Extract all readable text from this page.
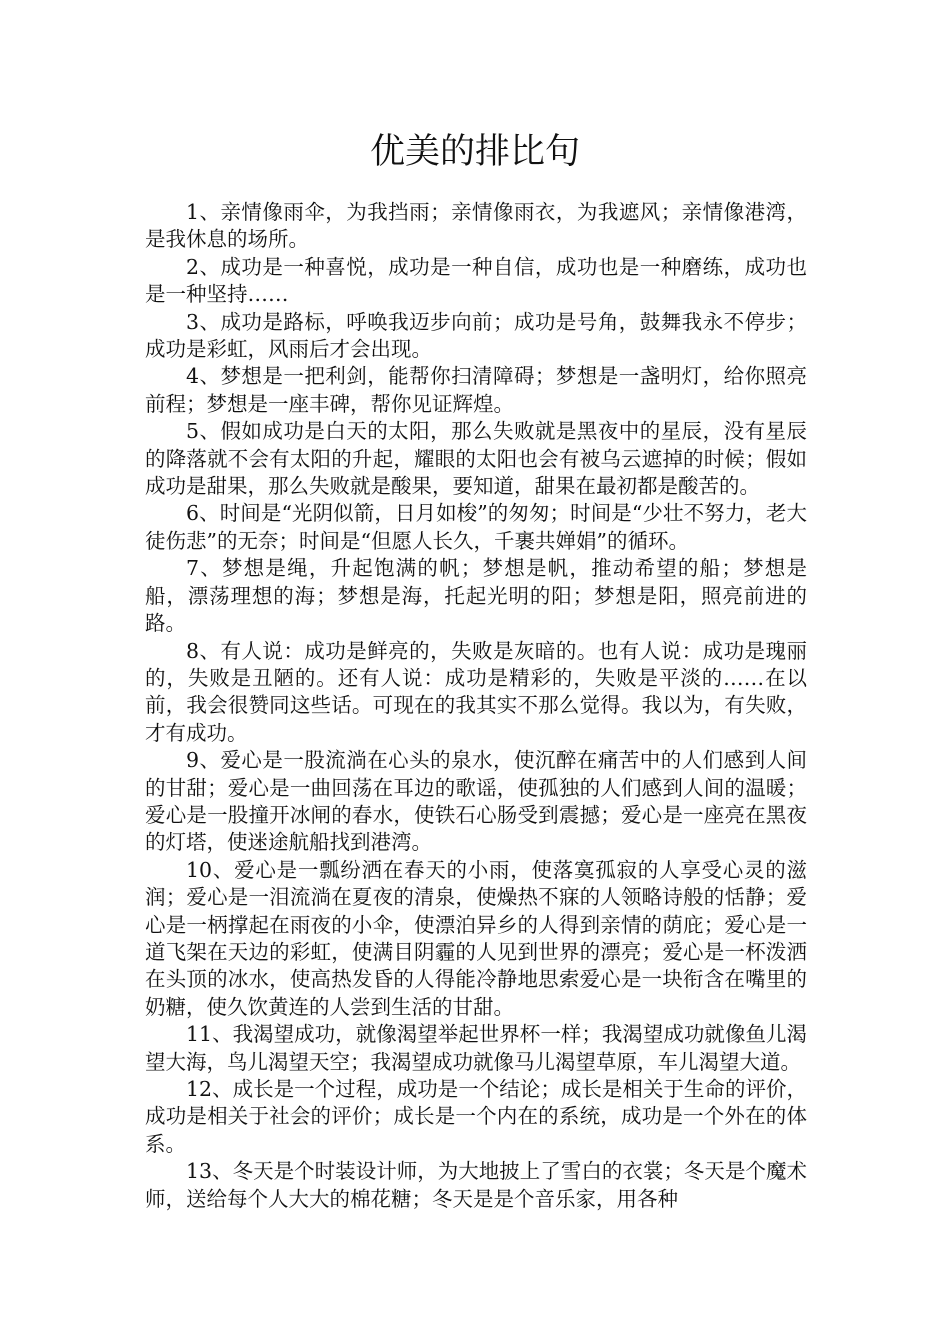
优美的排比句

1、亲情像雨伞，为我挡雨；亲情像雨衣，为我遮风；亲情像港湾，是我休息的场所。

2、成功是一种喜悦，成功是一种自信，成功也是一种磨练，成功也是一种坚持……

3、成功是路标，呼唤我迈步向前；成功是号角，鼓舞我永不停步；成功是彩虹，风雨后才会出现。

4、梦想是一把利剑，能帮你扫清障碍；梦想是一盏明灯，给你照亮前程；梦想是一座丰碑，帮你见证辉煌。

5、假如成功是白天的太阳，那么失败就是黑夜中的星辰，没有星辰的降落就不会有太阳的升起，耀眼的太阳也会有被乌云遮掉的时候；假如成功是甜果，那么失败就是酸果，要知道，甜果在最初都是酸苦的。

6、时间是“光阴似箭，日月如梭”的匆匆；时间是“少壮不努力，老大徒伤悲”的无奈；时间是“但愿人长久，千裹共婵娟”的循环。

7、梦想是绳，升起饱满的帆；梦想是帆，推动希望的船；梦想是船，漂荡理想的海；梦想是海，托起光明的阳；梦想是阳，照亮前进的路。

8、有人说：成功是鲜亮的，失败是灰暗的。也有人说：成功是瑰丽的，失败是丑陋的。还有人说：成功是精彩的，失败是平淡的……在以前，我会很赞同这些话。可现在的我其实不那么觉得。我以为，有失败，才有成功。

9、爱心是一股流淌在心头的泉水，使沉醉在痛苦中的人们感到人间的甘甜；爱心是一曲回荡在耳边的歌谣，使孤独的人们感到人间的温暖；爱心是一股撞开冰闸的春水，使铁石心肠受到震撼；爱心是一座亮在黑夜的灯塔，使迷途航船找到港湾。

10、爱心是一瓢纷洒在春天的小雨，使落寞孤寂的人享受心灵的滋润；爱心是一泪流淌在夏夜的清泉，使燥热不寐的人领略诗般的恬静；爱心是一柄撑起在雨夜的小伞，使漂泊异乡的人得到亲情的荫庇；爱心是一道飞架在天边的彩虹，使满目阴霾的人见到世界的漂亮；爱心是一杯泼洒在头顶的冰水，使高热发昏的人得能冷静地思索爱心是一块衔含在嘴里的奶糖，使久饮黄连的人尝到生活的甘甜。

11、我渴望成功，就像渴望举起世界杯一样；我渴望成功就像鱼儿渴望大海，鸟儿渴望天空；我渴望成功就像马儿渴望草原，车儿渴望大道。

12、成长是一个过程，成功是一个结论；成长是相关于生命的评价，成功是相关于社会的评价；成长是一个内在的系统，成功是一个外在的体系。

13、冬天是个时装设计师，为大地披上了雪白的衣裳；冬天是个魔术师，送给每个人大大的棉花糖；冬天是是个音乐家，用各种
